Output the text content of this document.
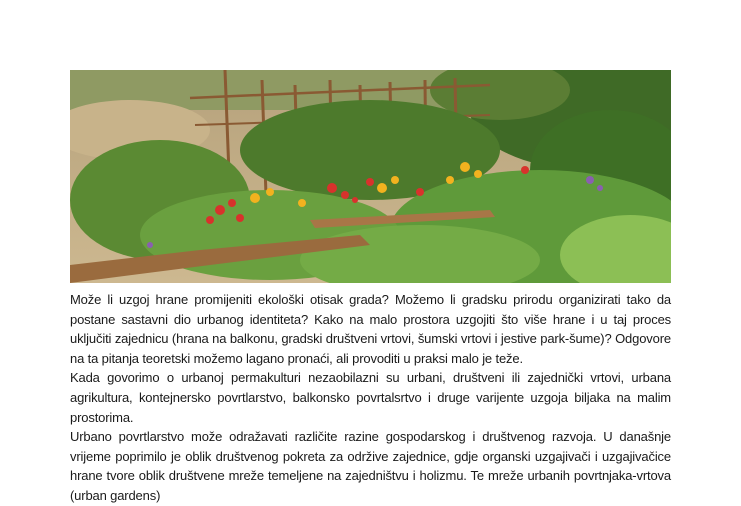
Može li uzgoj hrane promijeniti ekološki otisak grada? Možemo li gradsku prirodu organizirati tako da postane sastavni dio urbanog identiteta? Kako na malo prostora uzgojiti što više hrane i u taj proces uključiti zajednicu (hrana na balkonu, gradski društveni vrtovi, šumski vrtovi i jestive park-šume)? Odgovore na ta pitanja teoretski možemo lagano pronaći, ali provoditi u praksi malo je teže.

Kada govorimo o urbanoj permakulturi nezaobilazni su urbani, društveni ili zajednički vrtovi, urbana agrikultura, kontejnersko povrtlarstvo, balkonsko povrtalsrtvo i druge varijente uzgoja biljaka na malim prostorima.

Urbano povrtlarstvo može odražavati različite razine gospodarskog i društvenog razvoja. U današnje vrijeme poprimilo je oblik društvenog pokreta za održive zajednice, gdje organski uzgajivači i uzgajivačice hrane tvore oblik društvene mreže temeljene na zajedništvu i holizmu. Te mreže urbanih povrtnjaka-vrtova (urban gardens)
